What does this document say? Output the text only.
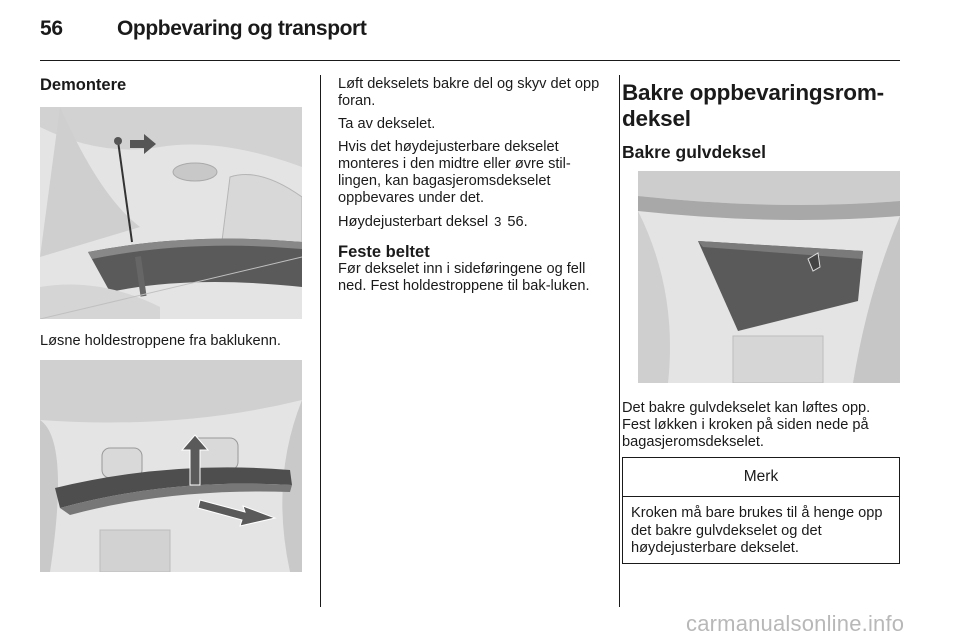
56	Oppbevaring og transport
Demontere

Løsne holdestroppene fra baklukenn.

Løft dekselets bakre del og skyv det opp foran.

Ta av dekselet.

Hvis det høydejusterbare dekselet monteres i den midtre eller øvre stil-lingen, kan bagasjeromsdekselet oppbevares under det.

Høydejusterbart deksel 3 56.

Feste beltet

Før dekselet inn i sideføringene og fell ned. Fest holdestroppene til bak-luken.

Bakre oppbevaringsrom-
deksel
Bakre gulvdeksel

Det bakre gulvdekselet kan løftes opp. Fest løkken i kroken på siden nede på bagasjeromsdekselet.

Merk
Kroken må bare brukes til å henge opp det bakre gulvdekselet og det høydejusterbare dekselet.
carmanualsonline.info
